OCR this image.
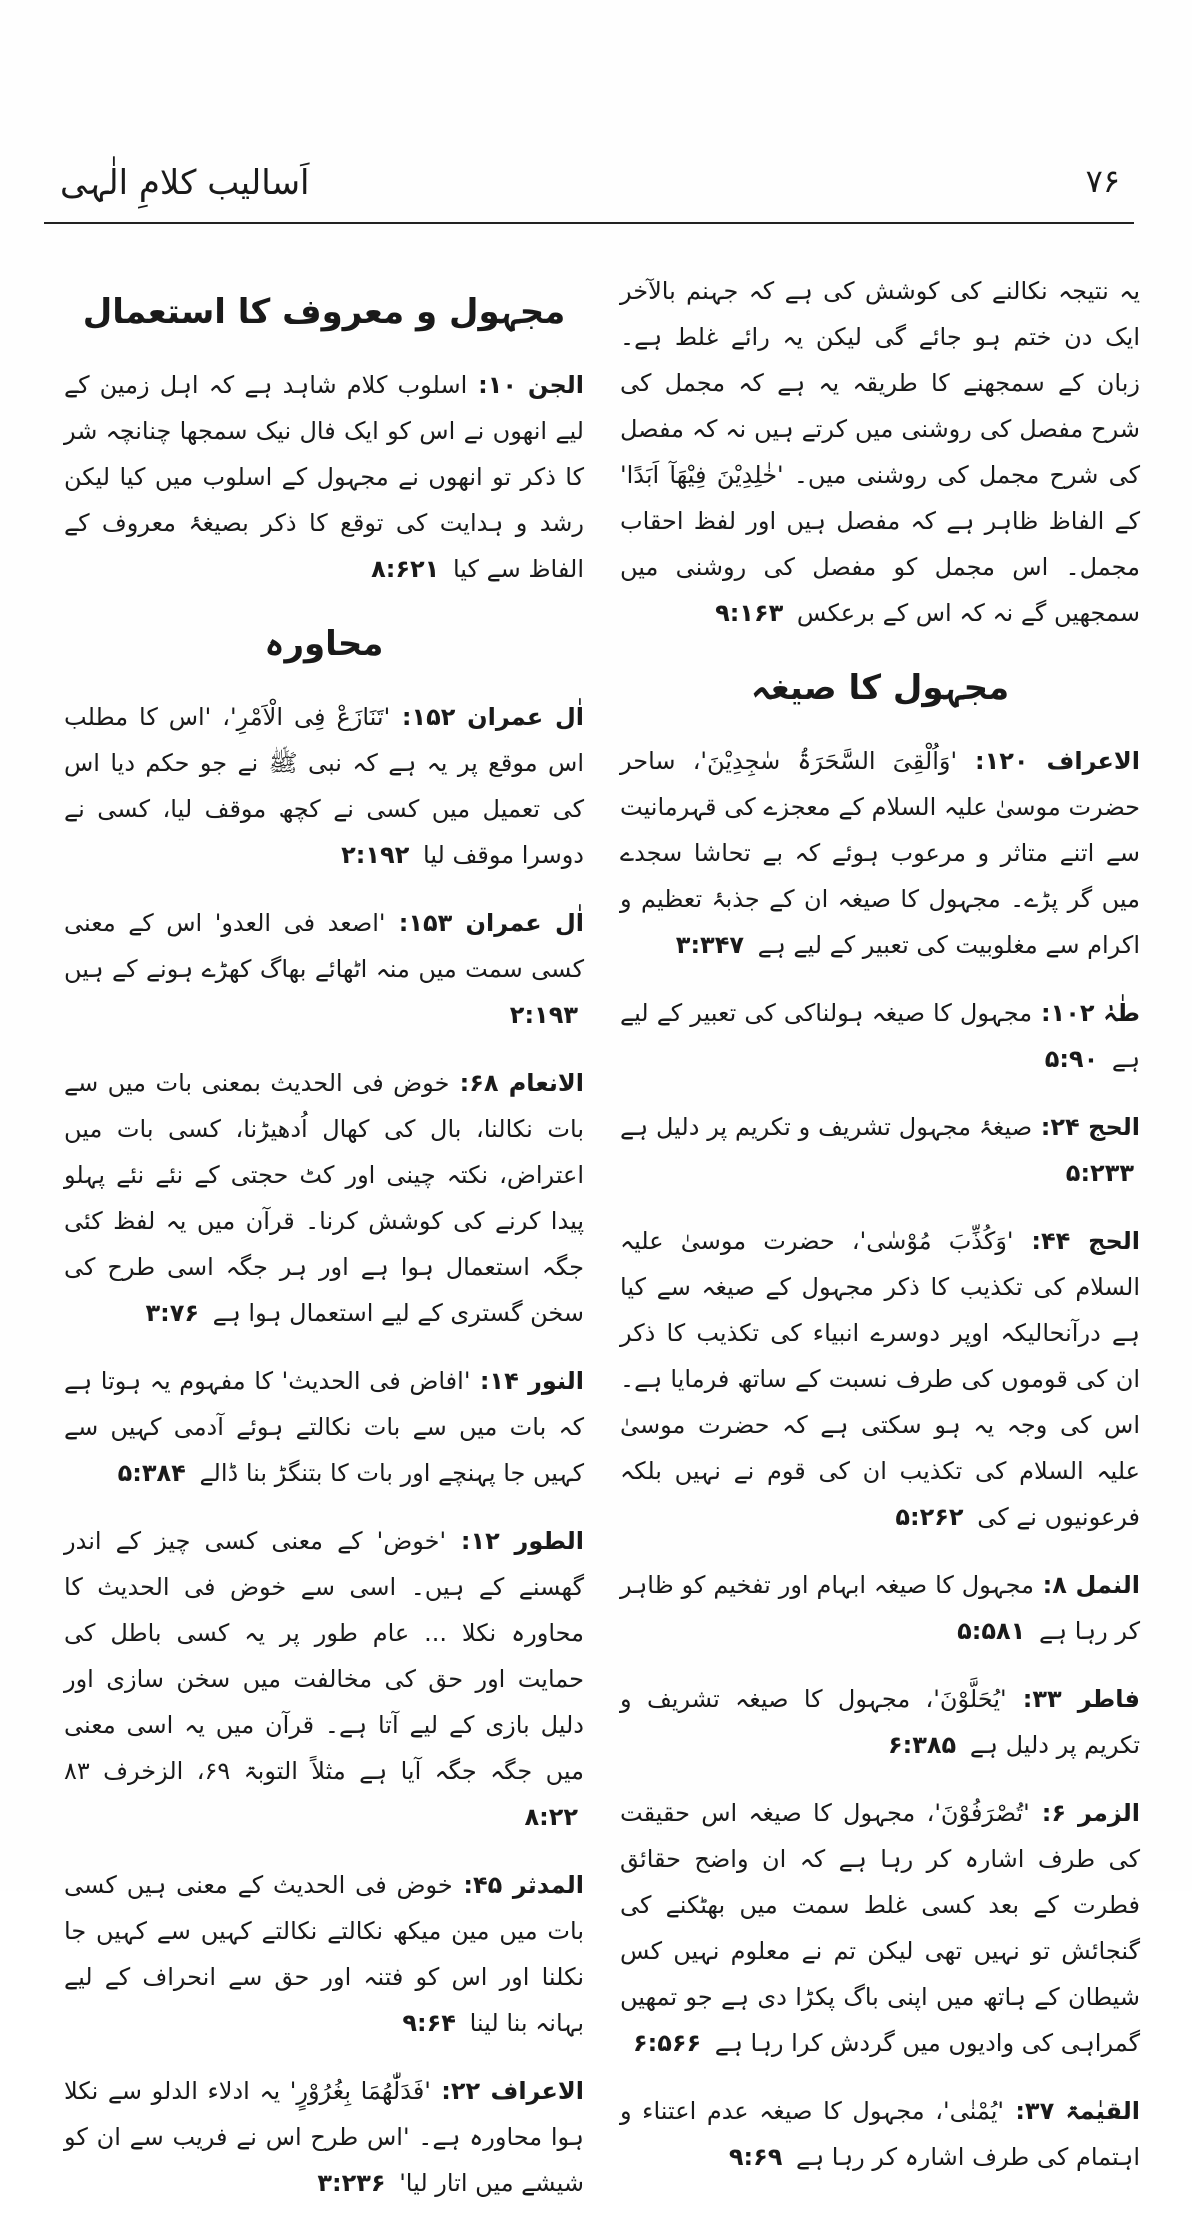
اَسالیب کلامِ الٰہی	۷۶

یہ نتیجہ نکالنے کی کوشش کی ہے کہ جہنم بالآخر ایک دن ختم ہو جائے گی لیکن یہ رائے غلط ہے۔ زبان کے سمجھنے کا طریقہ یہ ہے کہ مجمل کی شرح مفصل کی روشنی میں کرتے ہیں نہ کہ مفصل کی شرح مجمل کی روشنی میں۔ 'خٰلِدِیْنَ فِیْھَآ اَبَدًا' کے الفاظ ظاہر ہے کہ مفصل ہیں اور لفظ احقاب مجمل۔ اس مجمل کو مفصل کی روشنی میں سمجھیں گے نہ کہ اس کے برعکس ۹:۱۶۳

مجہول کا صیغہ

الاعراف ۱۲۰:'وَاُلْقِیَ السَّحَرَۃُ سٰجِدِیْنَ'، ساحر حضرت موسیٰ علیہ السلام کے معجزے کی قہرمانیت سے اتنے متاثر و مرعوب ہوئے کہ بے تحاشا سجدے میں گر پڑے۔ مجہول کا صیغہ ان کے جذبۂ تعظیم و اکرام سے مغلوبیت کی تعبیر کے لیے ہے ۳:۳۴۷

طٰہٰ ۱۰۲:مجہول کا صیغہ ہولناکی کی تعبیر کے لیے ہے ۵:۹۰

الحج ۲۴:صیغۂ مجہول تشریف و تکریم پر دلیل ہے ۵:۲۳۳

الحج ۴۴:'وَکُذِّبَ مُوْسٰی'، حضرت موسیٰ علیہ السلام کی تکذیب کا ذکر مجہول کے صیغہ سے کیا ہے درآنحالیکہ اوپر دوسرے انبیاء کی تکذیب کا ذکر ان کی قوموں کی طرف نسبت کے ساتھ فرمایا ہے۔ اس کی وجہ یہ ہو سکتی ہے کہ حضرت موسیٰ علیہ السلام کی تکذیب ان کی قوم نے نہیں بلکہ فرعونیوں نے کی ۵:۲۶۲

النمل ۸:مجہول کا صیغہ ابہام اور تفخیم کو ظاہر کر رہا ہے ۵:۵۸۱

فاطر ۳۳:'یُحَلَّوْنَ'، مجہول کا صیغہ تشریف و تکریم پر دلیل ہے ۶:۳۸۵

الزمر ۶:'تُصْرَفُوْنَ'، مجہول کا صیغہ اس حقیقت کی طرف اشارہ کر رہا ہے کہ ان واضح حقائق فطرت کے بعد کسی غلط سمت میں بھٹکنے کی گنجائش تو نہیں تھی لیکن تم نے معلوم نہیں کس شیطان کے ہاتھ میں اپنی باگ پکڑا دی ہے جو تمھیں گمراہی کی وادیوں میں گردش کرا رہا ہے ۶:۵۶۶

القیٰمۃ ۳۷:'یُمْنٰی'، مجہول کا صیغہ عدم اعتناء و اہتمام کی طرف اشارہ کر رہا ہے ۹:۶۹

مجہول و معروف کا استعمال

الجن ۱۰:اسلوب کلام شاہد ہے کہ اہل زمین کے لیے انھوں نے اس کو ایک فال نیک سمجھا چنانچہ شر کا ذکر تو انھوں نے مجہول کے اسلوب میں کیا لیکن رشد و ہدایت کی توقع کا ذکر بصیغۂ معروف کے الفاظ سے کیا ۸:۶۲۱

محاورہ

اٰل عمران ۱۵۲:'تَنَازَعْ فِی الْاَمْرِ'، 'اس کا مطلب اس موقع پر یہ ہے کہ نبی ﷺ نے جو حکم دیا اس کی تعمیل میں کسی نے کچھ موقف لیا، کسی نے دوسرا موقف لیا ۲:۱۹۲

اٰل عمران ۱۵۳:'اصعد فی العدو' اس کے معنی کسی سمت میں منہ اٹھائے بھاگ کھڑے ہونے کے ہیں ۲:۱۹۳

الانعام ۶۸:خوض فی الحدیث بمعنی بات میں سے بات نکالنا، بال کی کھال اُدھیڑنا، کسی بات میں اعتراض، نکتہ چینی اور کٹ حجتی کے نئے نئے پہلو پیدا کرنے کی کوشش کرنا۔ قرآن میں یہ لفظ کئی جگہ استعمال ہوا ہے اور ہر جگہ اسی طرح کی سخن گستری کے لیے استعمال ہوا ہے ۳:۷۶

النور ۱۴:'افاض فی الحدیث' کا مفہوم یہ ہوتا ہے کہ بات میں سے بات نکالتے ہوئے آدمی کہیں سے کہیں جا پہنچے اور بات کا بتنگڑ بنا ڈالے ۵:۳۸۴

الطور ۱۲:'خوض' کے معنی کسی چیز کے اندر گھسنے کے ہیں۔ اسی سے خوض فی الحدیث کا محاورہ نکلا ... عام طور پر یہ کسی باطل کی حمایت اور حق کی مخالفت میں سخن سازی اور دلیل بازی کے لیے آتا ہے۔ قرآن میں یہ اسی معنی میں جگہ جگہ آیا ہے مثلاً التوبۃ ۶۹، الزخرف ۸۳ ۸:۲۲

المدثر ۴۵:خوض فی الحدیث کے معنی ہیں کسی بات میں مین میکھ نکالتے نکالتے کہیں سے کہیں جا نکلنا اور اس کو فتنہ اور حق سے انحراف کے لیے بہانہ بنا لینا ۹:۶۴

الاعراف ۲۲:'فَدَلّٰھُمَا بِغُرُوْرٍ' یہ ادلاء الدلو سے نکلا ہوا محاورہ ہے۔ 'اس طرح اس نے فریب سے ان کو شیشے میں اتار لیا' ۳:۲۳۶
